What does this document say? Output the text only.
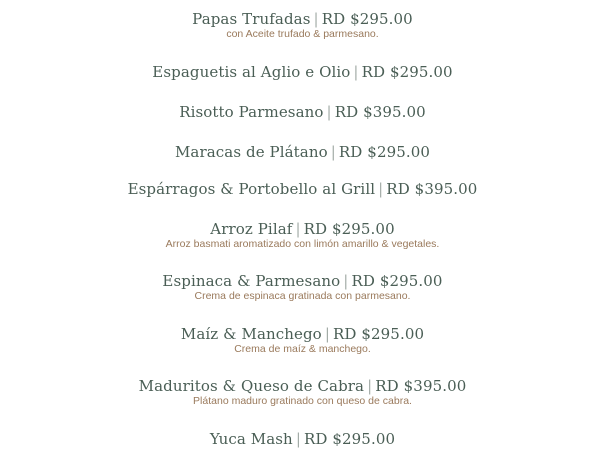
Papas Trufadas | RD $295.00
con Aceite trufado & parmesano.
Espaguetis al Aglio e Olio | RD $295.00
Risotto Parmesano | RD $395.00
Maracas de Plátano | RD $295.00
Espárragos & Portobello al Grill | RD $395.00
Arroz Pilaf | RD $295.00
Arroz basmati aromatizado con limón amarillo & vegetales.
Espinaca & Parmesano | RD $295.00
Crema de espinaca gratinada con parmesano.
Maíz & Manchego | RD $295.00
Crema de maíz & manchego.
Maduritos & Queso de Cabra | RD $395.00
Plátano maduro gratinado con queso de cabra.
Yuca Mash | RD $295.00
